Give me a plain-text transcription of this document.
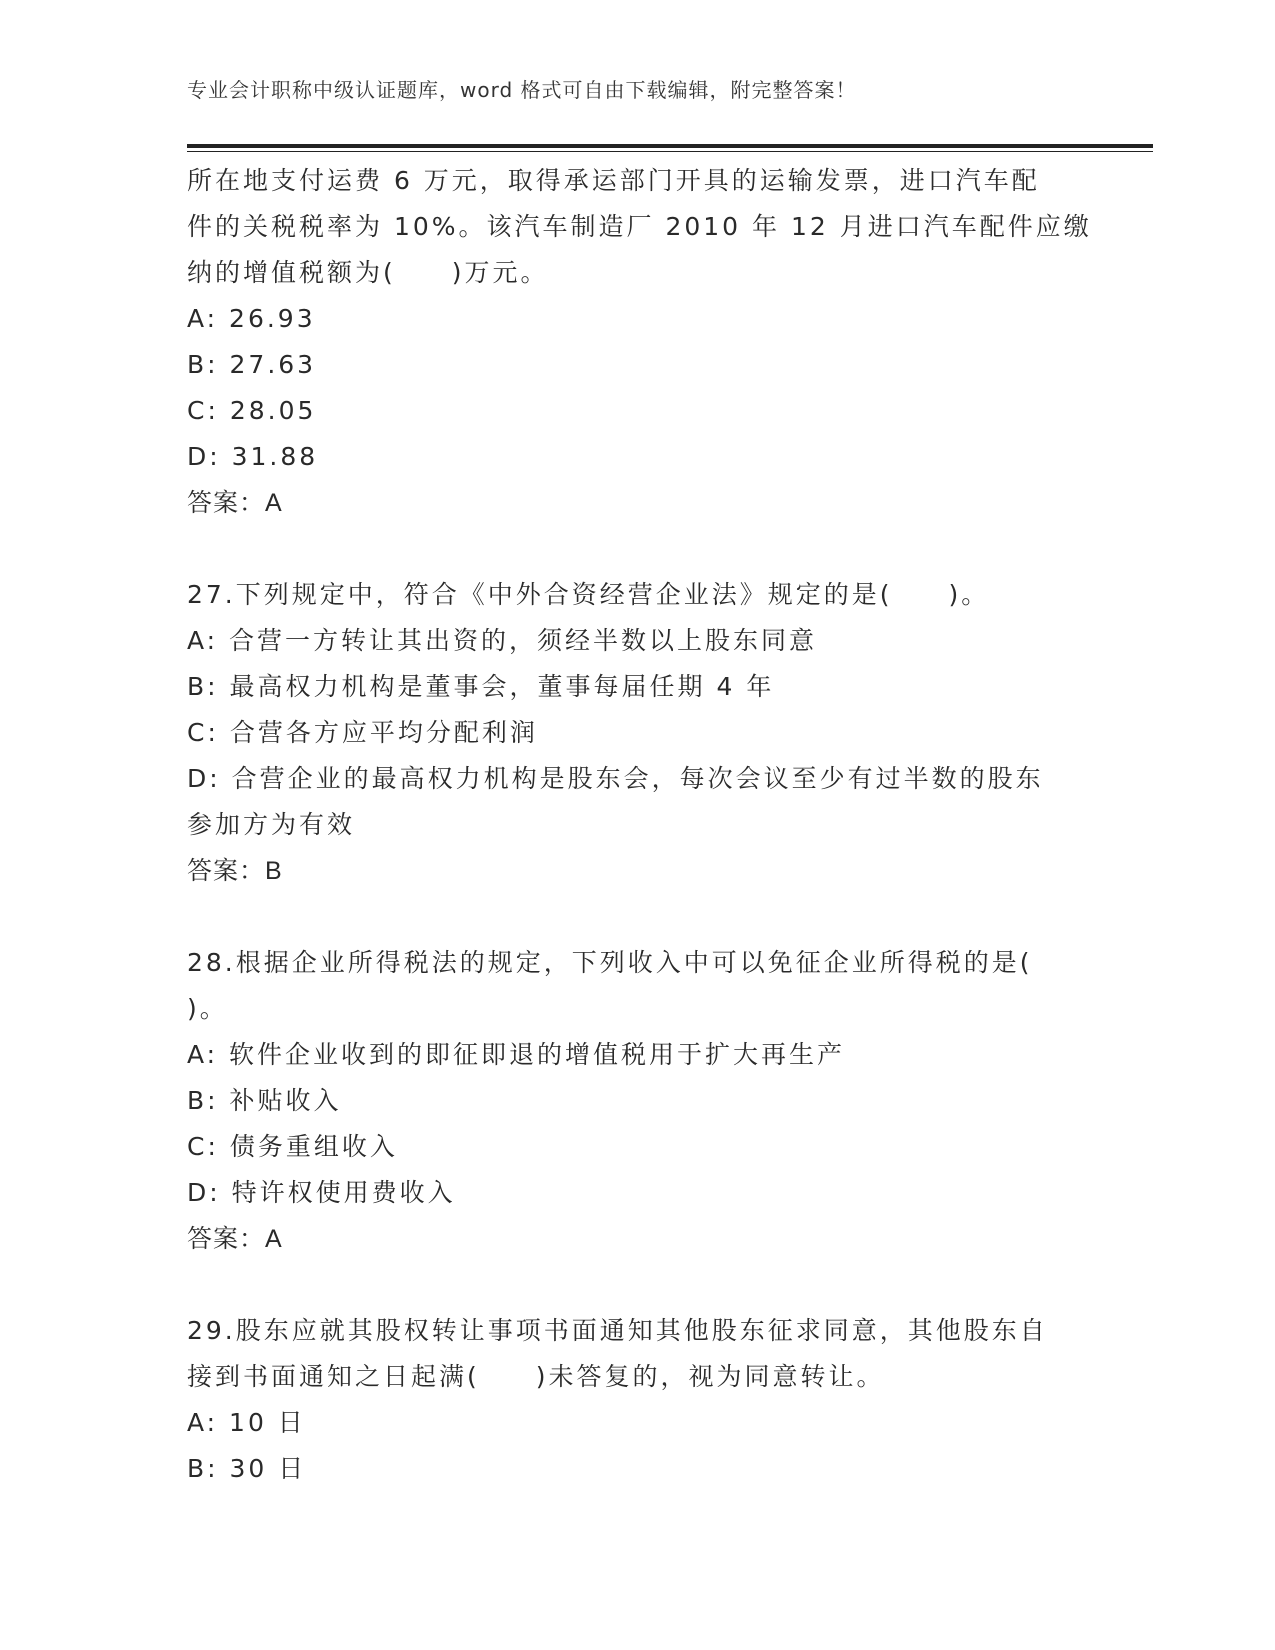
专业会计职称中级认证题库，word 格式可自由下载编辑，附完整答案！
所在地支付运费 6 万元，取得承运部门开具的运输发票，进口汽车配
件的关税税率为 10%。该汽车制造厂 2010 年 12 月进口汽车配件应缴
纳的增值税额为(　　)万元。
A: 26.93
B: 27.63
C: 28.05
D: 31.88
答案：A
27.下列规定中，符合《中外合资经营企业法》规定的是(　　)。
A: 合营一方转让其出资的，须经半数以上股东同意
B: 最高权力机构是董事会，董事每届任期 4 年
C: 合营各方应平均分配利润
D: 合营企业的最高权力机构是股东会，每次会议至少有过半数的股东
参加方为有效
答案：B
28.根据企业所得税法的规定，下列收入中可以免征企业所得税的是(
)。
A: 软件企业收到的即征即退的增值税用于扩大再生产
B: 补贴收入
C: 债务重组收入
D: 特许权使用费收入
答案：A
29.股东应就其股权转让事项书面通知其他股东征求同意，其他股东自
接到书面通知之日起满(　　)未答复的，视为同意转让。
A: 10 日
B: 30 日
